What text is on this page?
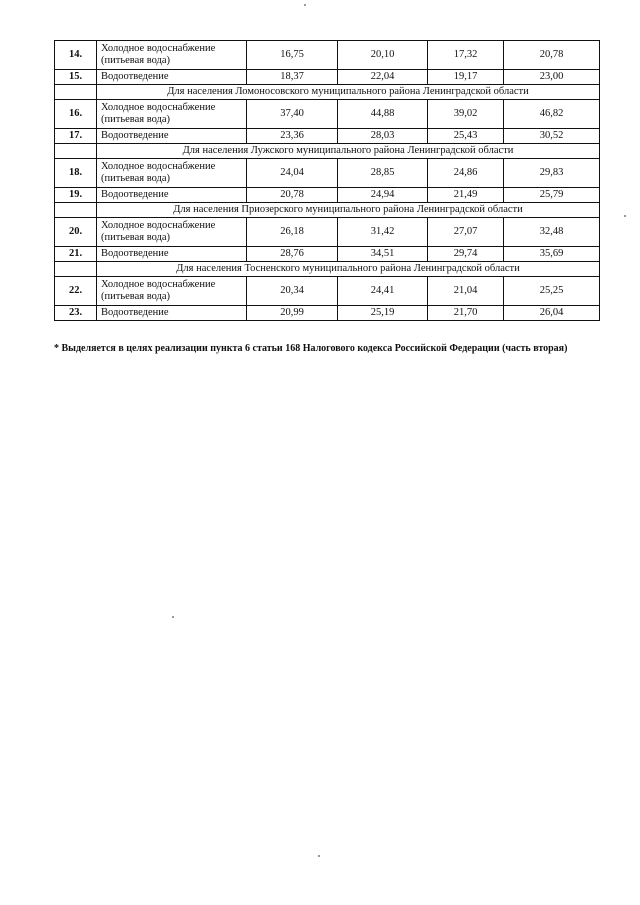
14.	Холодное водоснабжение (питьевая вода)	16,75	20,10	17,32	20,78
15.	Водоотведение	18,37	22,04	19,17	23,00
	Для населения Ломоносовского муниципального района Ленинградской области				
16.	Холодное водоснабжение (питьевая вода)	37,40	44,88	39,02	46,82
17.	Водоотведение	23,36	28,03	25,43	30,52
	Для населения Лужского муниципального района Ленинградской области				
18.	Холодное водоснабжение (питьевая вода)	24,04	28,85	24,86	29,83
19.	Водоотведение	20,78	24,94	21,49	25,79
	Для населения Приозерского муниципального района Ленинградской области				
20.	Холодное водоснабжение (питьевая вода)	26,18	31,42	27,07	32,48
21.	Водоотведение	28,76	34,51	29,74	35,69
	Для населения Тосненского муниципального района Ленинградской области				
22.	Холодное водоснабжение (питьевая вода)	20,34	24,41	21,04	25,25
23.	Водоотведение	20,99	25,19	21,70	26,04
* Выделяется в целях реализации пункта 6 статьи 168 Налогового кодекса Российской Федерации (часть вторая)
